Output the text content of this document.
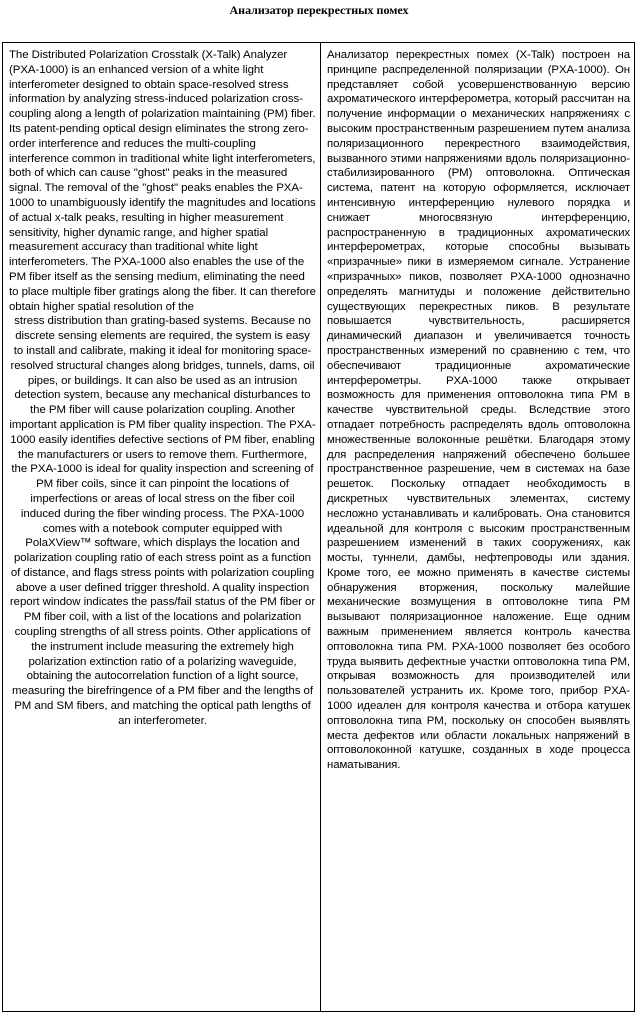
Анализатор перекрестных помех

The Distributed Polarization Crosstalk (X-Talk) Analyzer (PXA-1000) is an enhanced version of a white light interferometer designed to obtain space-resolved stress information by analyzing stress-induced polarization cross-coupling along a length of polarization maintaining (PM) fiber. Its patent-pending optical design eliminates the strong zero-order interference and reduces the multi-coupling interference common in traditional white light interferometers, both of which can cause "ghost" peaks in the measured signal. The removal of the "ghost" peaks enables the PXA-1000 to unambiguously identify the magnitudes and locations of actual x-talk peaks, resulting in higher measurement sensitivity, higher dynamic range, and higher spatial measurement accuracy than traditional white light interferometers. The PXA-1000 also enables the use of the PM fiber itself as the sensing medium, eliminating the need to place multiple fiber gratings along the fiber. It can therefore obtain higher spatial resolution of the

stress distribution than grating-based systems. Because no discrete sensing elements are required, the system is easy to install and calibrate, making it ideal for monitoring space-resolved structural changes along bridges, tunnels, dams, oil pipes, or buildings. It can also be used as an intrusion detection system, because any mechanical disturbances to the PM fiber will cause polarization coupling. Another important application is PM fiber quality inspection. The PXA-1000 easily identifies defective sections of PM fiber, enabling the manufacturers or users to remove them. Furthermore, the PXA-1000 is ideal for quality inspection and screening of PM fiber coils, since it can pinpoint the locations of imperfections or areas of local stress on the fiber coil induced during the fiber winding process. The PXA-1000 comes with a notebook computer equipped with PolaXView™ software, which displays the location and polarization coupling ratio of each stress point as a function of distance, and flags stress points with polarization coupling above a user defined trigger threshold. A quality inspection report window indicates the pass/fail status of the PM fiber or PM fiber coil, with a list of the locations and polarization coupling strengths of all stress points. Other applications of the instrument include measuring the extremely high polarization extinction ratio of a polarizing waveguide, obtaining the autocorrelation function of a light source, measuring the birefringence of a PM fiber and the lengths of PM and SM fibers, and matching the optical path lengths of an interferometer.

Анализатор перекрестных помех (X-Talk) построен на принципе распределенной поляризации (PXA-1000). Он представляет собой усовершенствованную версию ахроматического интерферометра, который рассчитан на получение информации о механических напряжениях с высоким пространственным разрешением путем анализа поляризационного перекрестного взаимодействия, вызванного этими напряжениями вдоль поляризационно-стабилизированного (PM) оптоволокна. Оптическая система, патент на которую оформляется, исключает интенсивную интерференцию нулевого порядка и снижает многосвязную интерференцию, распространенную в традиционных ахроматических интерферометрах, которые способны вызывать «призрачные» пики в измеряемом сигнале. Устранение «призрачных» пиков, позволяет PXA-1000 однозначно определять магнитуды и положение действительно существующих перекрестных пиков. В результате повышается чувствительность, расширяется динамический диапазон и увеличивается точность пространственных измерений по сравнению с тем, что обеспечивают традиционные ахроматические интерферометры. PXA-1000 также открывает возможность для применения оптоволокна типа PM в качестве чувствительной среды. Вследствие этого отпадает потребность распределять вдоль оптоволокна множественные волоконные решётки. Благодаря этому для распределения напряжений обеспечено большее пространственное разрешение, чем в системах на базе решеток. Поскольку отпадает необходимость в дискретных чувствительных элементах, систему несложно устанавливать и калибровать. Она становится идеальной для контроля с высоким пространственным разрешением изменений в таких сооружениях, как мосты, туннели, дамбы, нефтепроводы или здания. Кроме того, ее можно применять в качестве системы обнаружения вторжения, поскольку малейшие механические возмущения в оптоволокне типа PM вызывают поляризационное наложение. Еще одним важным применением является контроль качества оптоволокна типа PM. PXA-1000 позволяет без особого труда выявить дефектные участки оптоволокна типа PM, открывая возможность для производителей или пользователей устранить их. Кроме того, прибор PXA-1000 идеален для контроля качества и отбора катушек оптоволокна типа PM, поскольку он способен выявлять места дефектов или области локальных напряжений в оптоволоконной катушке, созданных в ходе процесса наматывания.
